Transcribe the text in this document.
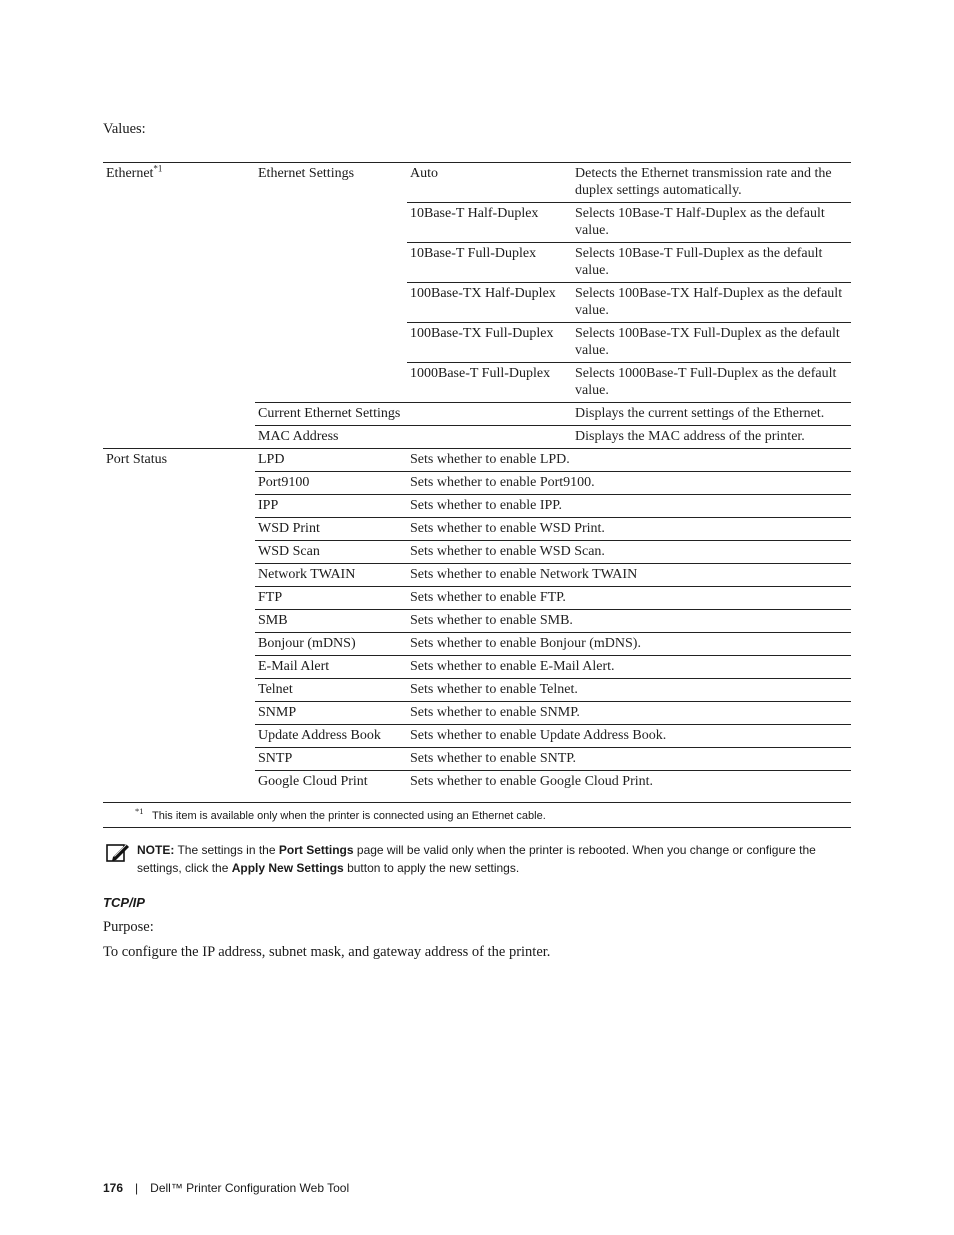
Values:
Ethernet$^{*1}$	Ethernet Settings	Auto	Detects the Ethernet transmission rate and the duplex settings automatically.
		10Base-T Half-Duplex	Selects 10Base-T Half-Duplex as the default value.
		10Base-T Full-Duplex	Selects 10Base-T Full-Duplex as the default value.
		100Base-TX Half-Duplex	Selects 100Base-TX Half-Duplex as the default value.
		100Base-TX Full-Duplex	Selects 100Base-TX Full-Duplex as the default value.
		1000Base-T Full-Duplex	Selects 1000Base-T Full-Duplex as the default value.
	Current Ethernet Settings		Displays the current settings of the Ethernet.
	MAC Address		Displays the MAC address of the printer.
Port Status	LPD	Sets whether to enable LPD.	
	Port9100	Sets whether to enable Port9100.	
	IPP	Sets whether to enable IPP.	
	WSD Print	Sets whether to enable WSD Print.	
	WSD Scan	Sets whether to enable WSD Scan.	
	Network TWAIN	Sets whether to enable Network TWAIN	
	FTP	Sets whether to enable FTP.	
	SMB	Sets whether to enable SMB.	
	Bonjour (mDNS)	Sets whether to enable Bonjour (mDNS).	
	E-Mail Alert	Sets whether to enable E-Mail Alert.	
	Telnet	Sets whether to enable Telnet.	
	SNMP	Sets whether to enable SNMP.	
	Update Address Book	Sets whether to enable Update Address Book.	
	SNTP	Sets whether to enable SNTP.	
	Google Cloud Print	Sets whether to enable Google Cloud Print.	
*1 This item is available only when the printer is connected using an Ethernet cable.
NOTE: The settings in the Port Settings page will be valid only when the printer is rebooted. When you change or configure the settings, click the Apply New Settings button to apply the new settings.
TCP/IP
Purpose:
To configure the IP address, subnet mask, and gateway address of the printer.
176 | Dell™ Printer Configuration Web Tool
